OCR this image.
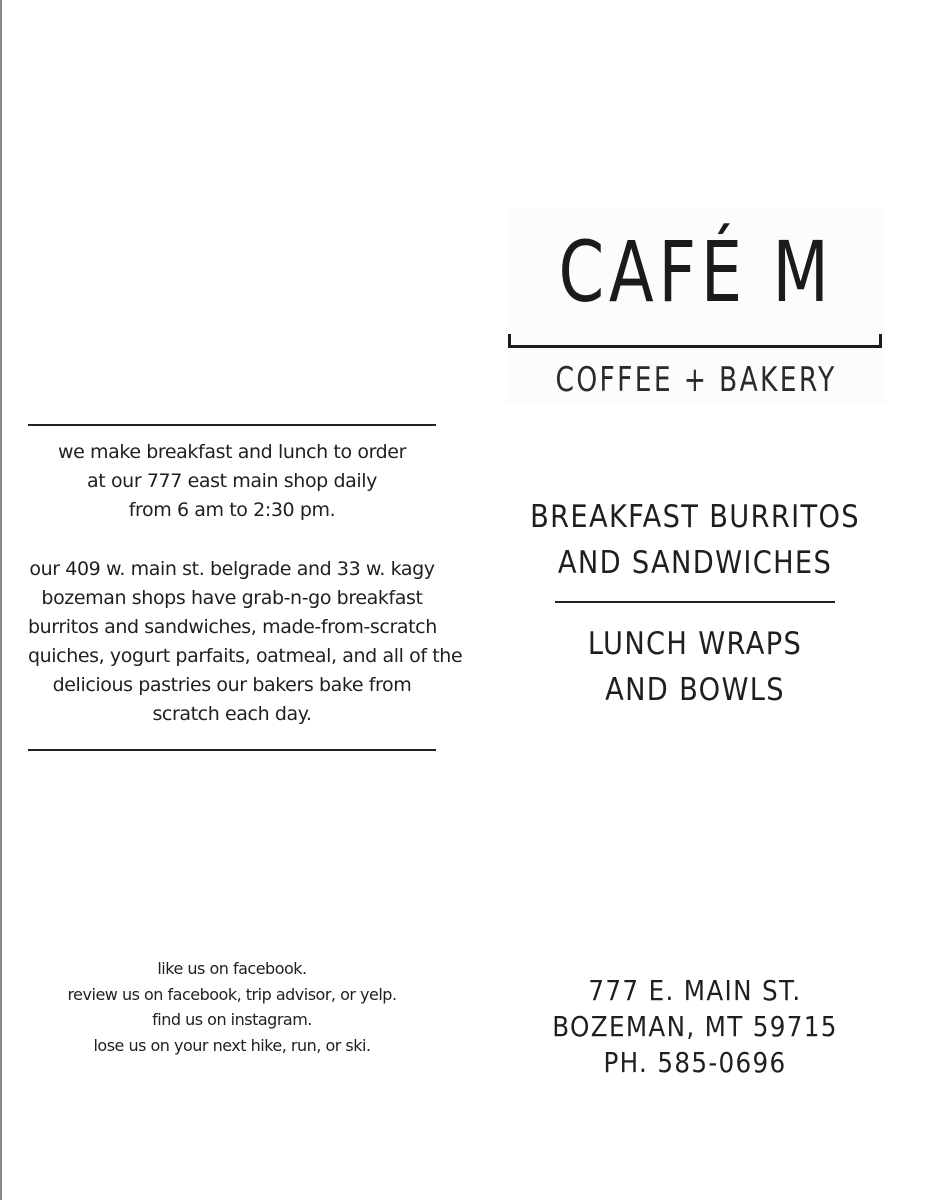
CAFÉ M
COFFEE + BAKERY
we make breakfast and lunch to order
at our 777 east main shop daily
from 6 am to 2:30 pm.
our 409 w. main st. belgrade and 33 w. kagy
bozeman shops have grab-n-go breakfast
burritos and sandwiches, made-from-scratch
quiches, yogurt parfaits, oatmeal, and all of the
delicious pastries our bakers bake from
scratch each day.
BREAKFAST BURRITOS
AND SANDWICHES
LUNCH WRAPS
AND BOWLS
like us on facebook.
review us on facebook, trip advisor, or yelp.
find us on instagram.
lose us on your next hike, run, or ski.
777 E. MAIN ST.
BOZEMAN, MT 59715
PH. 585-0696
